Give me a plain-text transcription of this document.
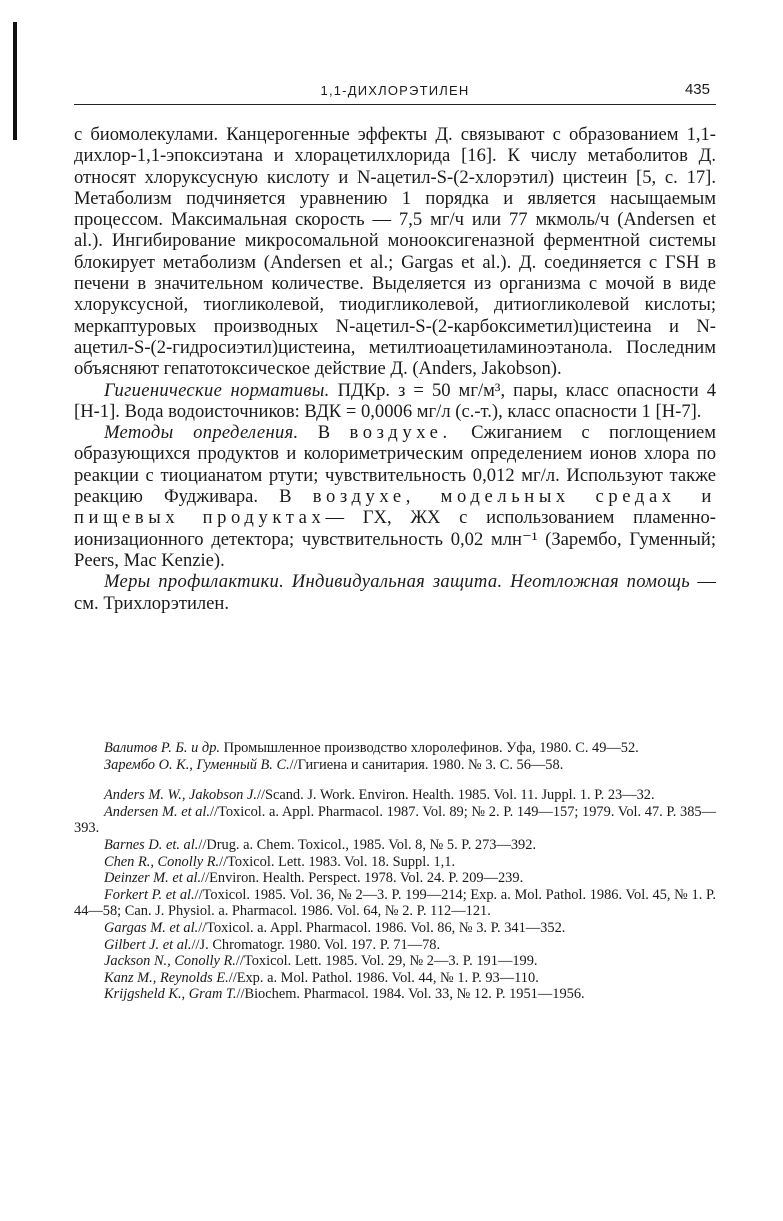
1,1-ДИХЛОРЭТИЛЕН	435

с биомолекулами. Канцерогенные эффекты Д. связывают с образованием 1,1-дихлор-1,1-эпоксиэтана и хлорацетилхлорида [16]. К числу метаболитов Д. относят хлоруксусную кислоту и N-ацетил-S-(2-хлорэтил) цистеин [5, с. 17]. Метаболизм подчиняется уравнению 1 порядка и является насыщаемым процессом. Максимальная скорость — 7,5 мг/ч или 77 мкмоль/ч (Andersen et al.). Ингибирование микросомальной монооксигеназной ферментной системы блокирует метаболизм (Andersen et al.; Gargas et al.). Д. соединяется с ГSH в печени в значительном количестве. Выделяется из организма с мочой в виде хлоруксусной, тиогликолевой, тиодигликолевой, дитиогликолевой кислоты; меркаптуровых производных N-ацетил-S-(2-карбоксиметил)цистеина и N-ацетил-S-(2-гидросиэтил)цистеина, метилтиоацетиламиноэтанола. Последним объясняют гепатотоксическое действие Д. (Anders, Jakobson).

Гигиенические нормативы. ПДКр. з = 50 мг/м³, пары, класс опасности 4 [Н-1]. Вода водоисточников: ВДК = 0,0006 мг/л (с.-т.), класс опасности 1 [Н-7].

Методы определения. В воздухе. Сжиганием с поглощением образующихся продуктов и колориметрическим определением ионов хлора по реакции с тиоцианатом ртути; чувствительность 0,012 мг/л. Используют также реакцию Фудживара. В воздухе, модельных средах и пищевых продуктах— ГХ, ЖХ с использованием пламенно-ионизационного детектора; чувствительность 0,02 млн⁻¹ (Зарембо, Гуменный; Peers, Mac Kenzie).

Меры профилактики. Индивидуальная защита. Неотложная помощь — см. Трихлорэтилен.

Валитов Р. Б. и др. Промышленное производство хлоролефинов. Уфа, 1980. С. 49—52.

Зарембо О. К., Гуменный В. С.//Гигиена и санитария. 1980. № 3. С. 56—58.

Anders M. W., Jakobson J.//Scand. J. Work. Environ. Health. 1985. Vol. 11. Juppl. 1. P. 23—32.

Andersen M. et al.//Toxicol. a. Appl. Pharmacol. 1987. Vol. 89; № 2. P. 149—157; 1979. Vol. 47. P. 385—393.

Barnes D. et. al.//Drug. a. Chem. Toxicol., 1985. Vol. 8, № 5. P. 273—392.

Chen R., Conolly R.//Toxicol. Lett. 1983. Vol. 18. Suppl. 1,1.

Deinzer M. et al.//Environ. Health. Perspect. 1978. Vol. 24. P. 209—239.

Forkert P. et al.//Toxicol. 1985. Vol. 36, № 2—3. P. 199—214; Exp. a. Mol. Pathol. 1986. Vol. 45, № 1. P. 44—58; Can. J. Physiol. a. Pharmacol. 1986. Vol. 64, № 2. P. 112—121.

Gargas M. et al.//Toxicol. a. Appl. Pharmacol. 1986. Vol. 86, № 3. P. 341—352.

Gilbert J. et al.//J. Chromatogr. 1980. Vol. 197. P. 71—78.

Jackson N., Conolly R.//Toxicol. Lett. 1985. Vol. 29, № 2—3. P. 191—199.

Kanz M., Reynolds E.//Exp. a. Mol. Pathol. 1986. Vol. 44, № 1. P. 93—110.

Krijgsheld K., Gram T.//Biochem. Pharmacol. 1984. Vol. 33, № 12. P. 1951—1956.
